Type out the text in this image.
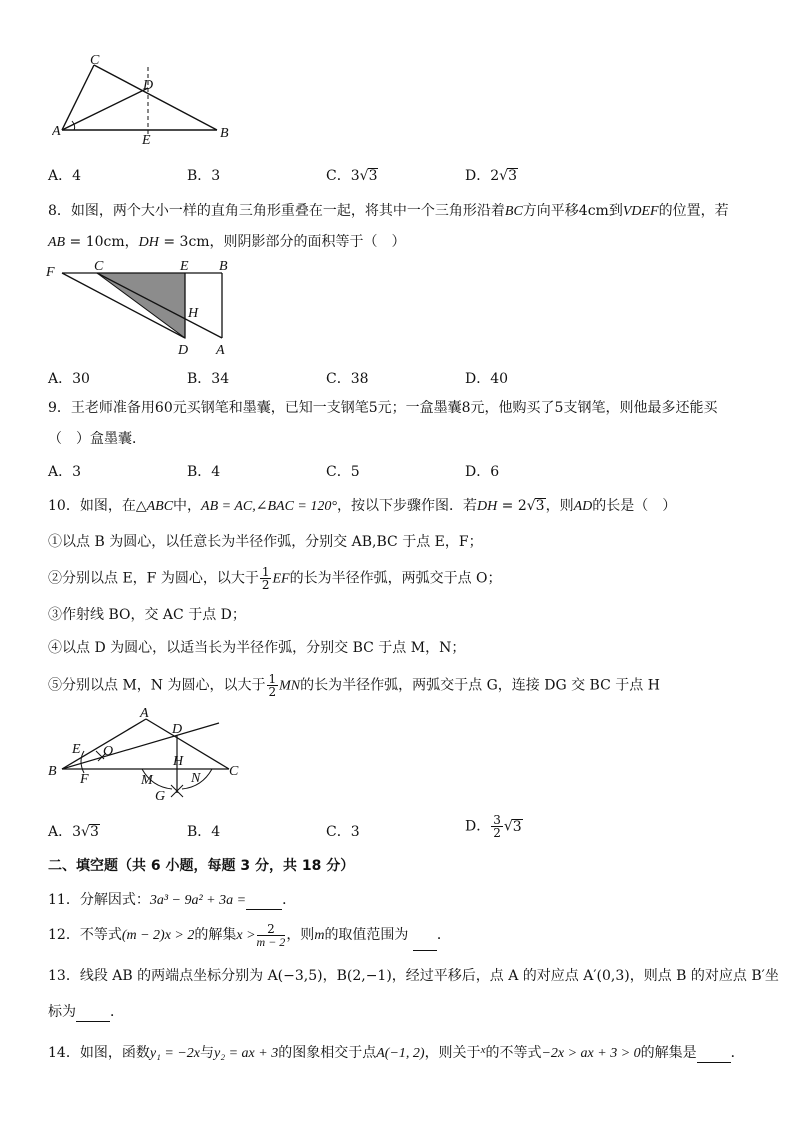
C
D
A
E	B
A．4	B．3	C．3√3	D．2√3
8．如图，两个大小一样的直角三角形重叠在一起，将其中一个三角形沿着BC方向平移4cm到VDEF的位置，若
AB = 10cm，DH = 3cm，则阴影部分的面积等于（　）
F	C	E B
H
D A
A．30	B．34	C．38	D．40
9．王老师准备用60元买钢笔和墨囊，已知一支钢笔5元；一盒墨囊8元，他购买了5支钢笔，则他最多还能买
（　）盒墨囊．
A．3	B．4	C．5	D．6
10．如图，在△ABC中，AB = AC,∠BAC = 120°，按以下步骤作图．若DH = 2√3，则AD的长是（　）
①以点 B 为圆心，以任意长为半径作弧，分别交 AB,BC 于点 E，F；
②分别以点 E，F 为圆心，以大于 $\frac{1}{2}$ EF的长为半径作弧，两弧交于点 O；
③作射线 BO，交 AC 于点 D；
④以点 D 为圆心，以适当长为半径作弧，分别交 BC 于点 M，N；
⑤分别以点 M，N 为圆心，以大于 $\frac{1}{2}$ MN的长为半径作弧，两弧交于点 G，连接 DG 交 BC 于点 H
A
D
E O
B
F
H
M	N C
G
A．3√3	B．4	C．3	D． $\frac{3}{2} √3$
二、填空题（共 6 小题，每题 3 分，共 18 分）
11．分解因式：3a³ − 9a² + 3a =	．
12．不等式(m − 2)x > 2的解集$x > \frac{2}{m - 2}$ ，则m的取值范围为 ．
13．线段 AB 的两端点坐标分别为 A(−3,5)，B(2,−1)，经过平移后，点 A 的对应点 A′(0,3)，则点 B 的对应点 B′坐
标为 ．
14．如图，函数y₁ = −2x与y₂ = ax + 3的图象相交于点A(−1, 2)，则关于$^x$的不等式−2x > ax + 3 > 0的解集是 ．
